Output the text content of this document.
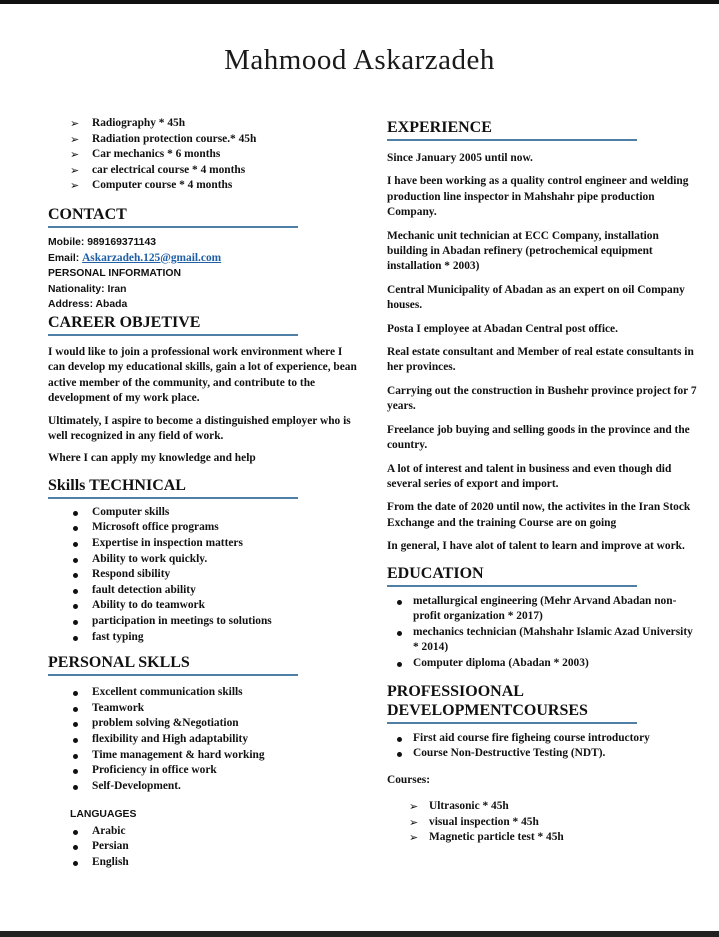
Mahmood Askarzadeh
➢ Radiography * 45h
➢ Radiation protection course.* 45h
➢ Car mechanics * 6 months
➢ car electrical course * 4 months
➢ Computer course * 4 months
CONTACT
Mobile: 989169371143
Email: Askarzadeh.125@gmail.com
PERSONAL INFORMATION
Nationality: Iran
Address: Abada
CAREER OBJETIVE

I would like to join a professional work environment where I can develop my educational skills, gain a lot of experience, bean active member of the community, and contribute to the development of my work place.

Ultimately, I aspire to become a distinguished employer who is well recognized in any field of work.

Where I can apply my knowledge and help

Skills TECHNICAL
Computer skills
Microsoft office programs
Expertise in inspection matters
Ability to work quickly.
Respond sibility
fault detection ability
Ability to do teamwork
participation in meetings to solutions
fast typing
PERSONAL SKLLS
Excellent communication skills
Teamwork
problem solving &Negotiation
flexibility and High adaptability
Time management & hard working
Proficiency in office work
Self-Development.
LANGUAGES
Arabic
Persian
English
EXPERIENCE

Since January 2005 until now.

I have been working as a quality control engineer and welding production line inspector in Mahshahr pipe production Company.

Mechanic unit technician at ECC Company, installation building in Abadan refinery (petrochemical equipment installation * 2003)

Central Municipality of Abadan as an expert on oil Company houses.

Posta I employee at Abadan Central post office.

Real estate consultant and Member of real estate consultants in her provinces.

Carrying out the construction in Bushehr province project for 7 years.

Freelance job buying and selling goods in the province and the country.

A lot of interest and talent in business and even though did several series of export and import.

From the date of 2020 until now, the activites in the Iran Stock Exchange and the training Course are on going

In general, I have alot of talent to learn and improve at work.

EDUCATION
metallurgical engineering (Mehr Arvand Abadan non-profit organization * 2017)
mechanics technician (Mahshahr Islamic Azad University * 2014)
Computer diploma (Abadan * 2003)
PROFESSIOONAL
DEVELOPMENTCOURSES
First aid course fire figheing course introductory
Course Non-Destructive Testing (NDT).
Courses:
➢ Ultrasonic * 45h
➢ visual inspection * 45h
➢ Magnetic particle test * 45h
